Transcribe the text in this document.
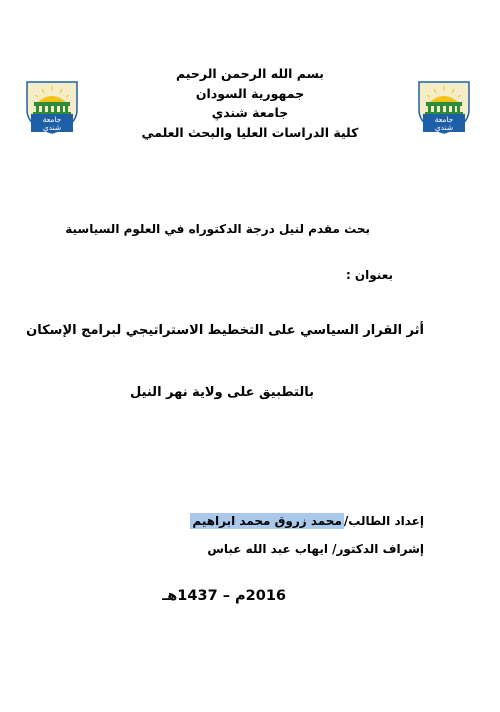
بسم الله الرحمن الرحيم
جمهورية السودان
جامعة شندي
كلية الدراسات العليا والبحث العلمي
جامعة
شندي
جامعة
شندي
بحث مقدم لنيل درجة الدكتوراه في العلوم السياسية
بعنوان :
أثر القرار السياسي على التخطيط الاستراتيجي لبرامج الإسكان
بالتطبيق على ولاية نهر النيل
إعداد الطالب/محمد زروق محمد ابراهيم
إشراف الدكتور/ ايهاب عبد الله عباس
2016م – 1437هـ
